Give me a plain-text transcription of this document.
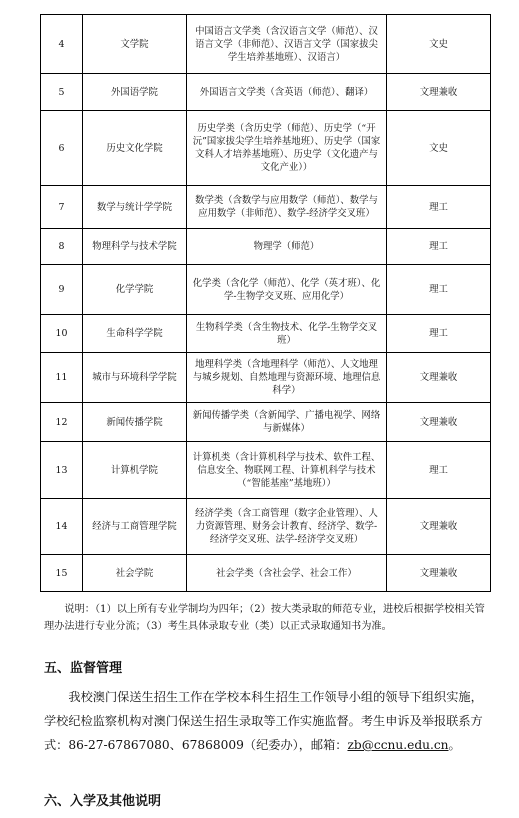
4	文学院	中国语言文学类（含汉语言文学（师范）、汉语言文学（非师范）、汉语言文学（国家拔尖学生培养基地班）、汉语言）	文史
5	外国语学院	外国语言文学类（含英语（师范）、翻译）	文理兼收
6	历史文化学院	历史学类（含历史学（师范）、历史学（“开沅”国家拔尖学生培养基地班）、历史学（国家文科人才培养基地班）、历史学（文化遗产与文化产业））	文史
7	数学与统计学学院	数学类（含数学与应用数学（师范）、数学与应用数学（非师范）、数学-经济学交叉班）	理工
8	物理科学与技术学院	物理学（师范）	理工
9	化学学院	化学类（含化学（师范）、化学（英才班）、化学-生物学交叉班、应用化学）	理工
10	生命科学学院	生物科学类（含生物技术、化学-生物学交叉班）	理工
11	城市与环境科学学院	地理科学类（含地理科学（师范）、人文地理与城乡规划、自然地理与资源环境、地理信息科学）	文理兼收
12	新闻传播学院	新闻传播学类（含新闻学、广播电视学、网络与新媒体）	文理兼收
13	计算机学院	计算机类（含计算机科学与技术、软件工程、信息安全、物联网工程、计算机科学与技术（“智能基座”基地班））	理工
14	经济与工商管理学院	经济学类（含工商管理（数字企业管理）、人力资源管理、财务会计教育、经济学、数学-经济学交叉班、法学-经济学交叉班）	文理兼收
15	社会学院	社会学类（含社会学、社会工作）	文理兼收

说明：（1）以上所有专业学制均为四年；（2）按大类录取的师范专业，进校后根据学校相关管理办法进行专业分流；（3）考生具体录取专业（类）以正式录取通知书为准。

五、监督管理

我校澳门保送生招生工作在学校本科生招生工作领导小组的领导下组织实施，学校纪检监察机构对澳门保送生招生录取等工作实施监督。考生申诉及举报联系方式：86-27-67867080、67868009（纪委办），邮箱：zb@ccnu.edu.cn。

六、入学及其他说明
